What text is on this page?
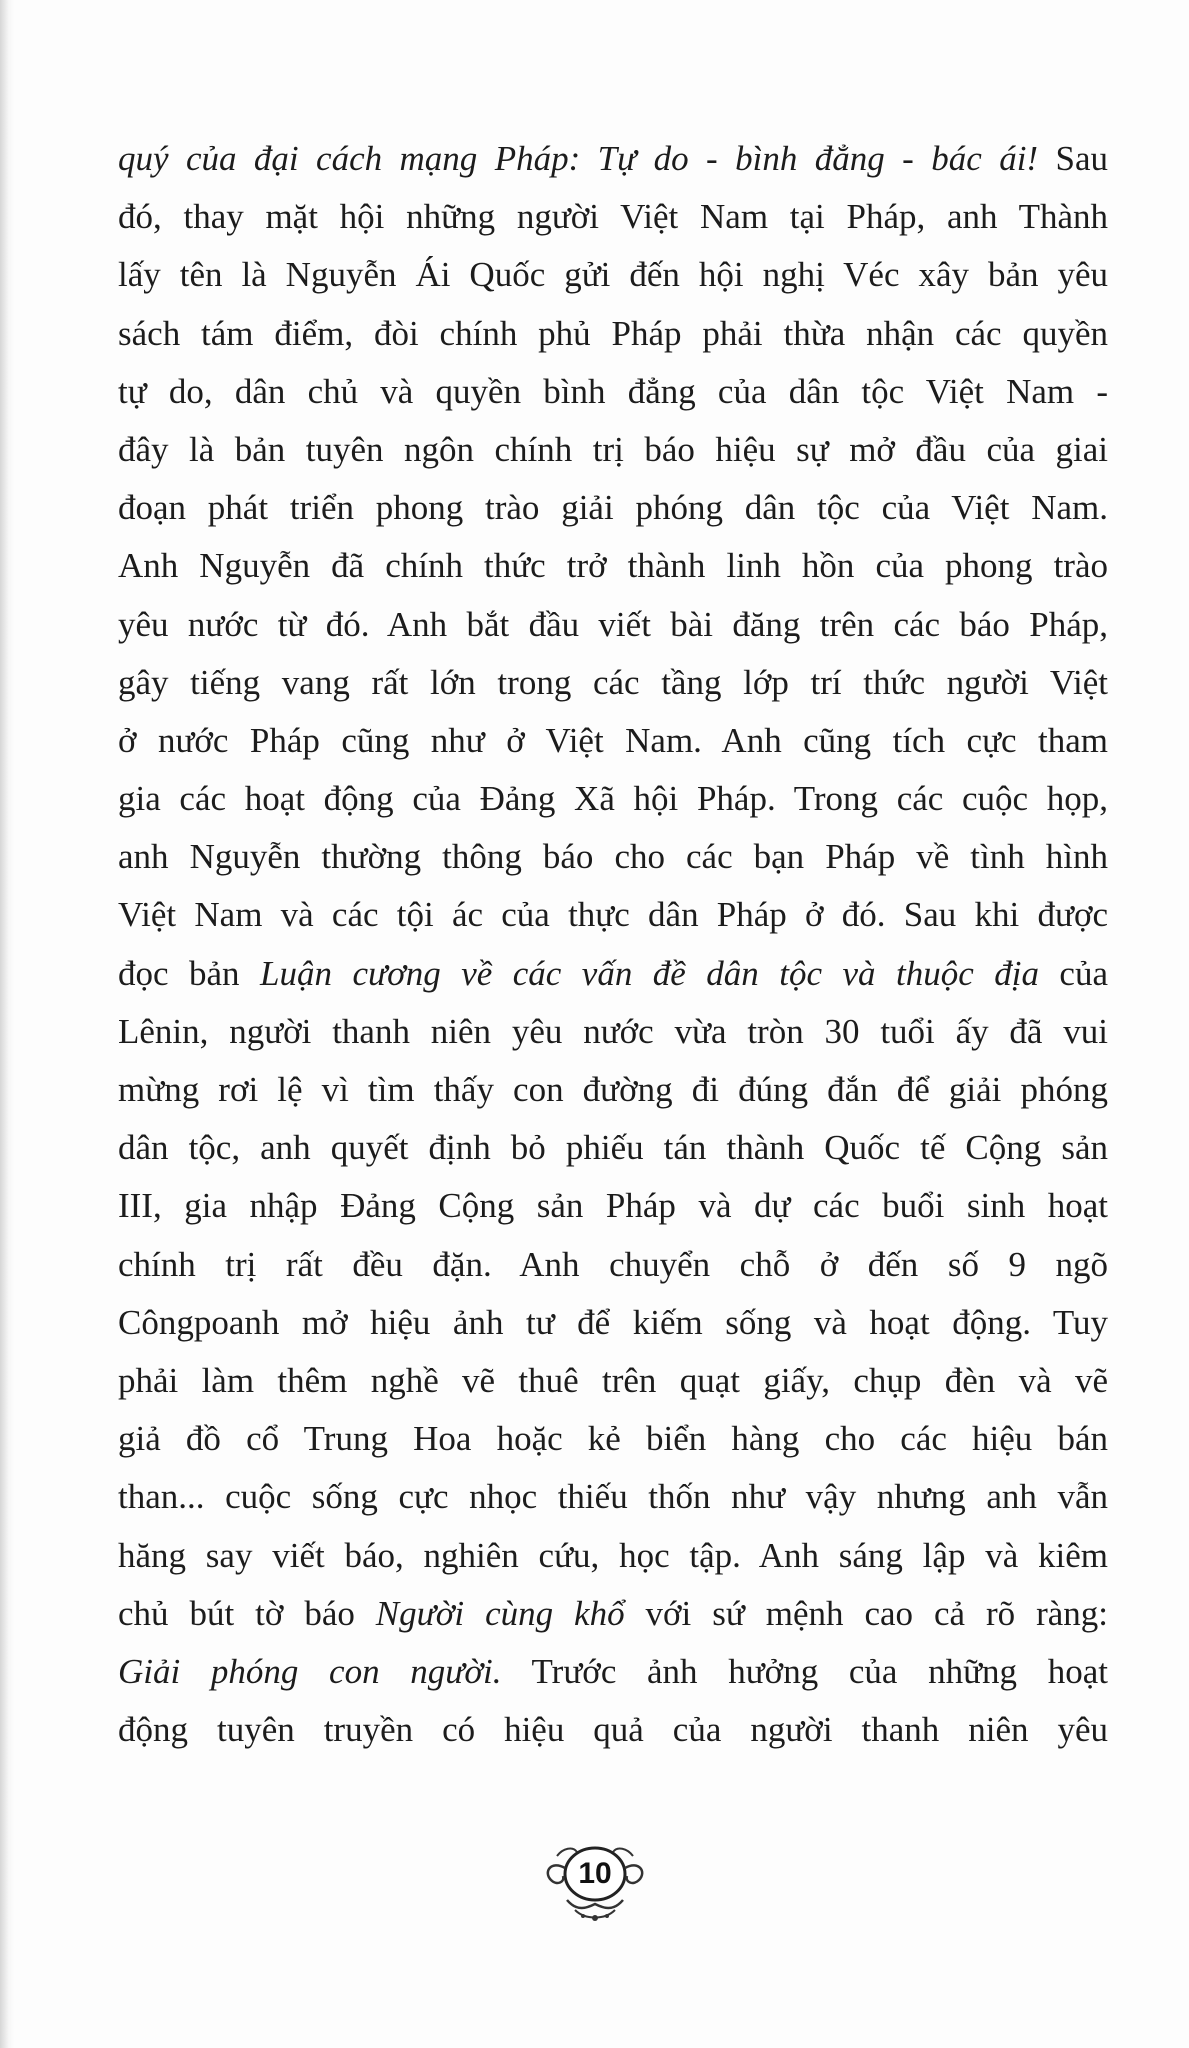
quý của đại cách mạng Pháp: Tự do - bình đẳng - bác ái! Sau
đó, thay mặt hội những người Việt Nam tại Pháp, anh Thành
lấy tên là Nguyễn Ái Quốc gửi đến hội nghị Véc xây bản yêu
sách tám điểm, đòi chính phủ Pháp phải thừa nhận các quyền
tự do, dân chủ và quyền bình đẳng của dân tộc Việt Nam -
đây là bản tuyên ngôn chính trị báo hiệu sự mở đầu của giai
đoạn phát triển phong trào giải phóng dân tộc của Việt Nam.
Anh Nguyễn đã chính thức trở thành linh hồn của phong trào
yêu nước từ đó. Anh bắt đầu viết bài đăng trên các báo Pháp,
gây tiếng vang rất lớn trong các tầng lớp trí thức người Việt
ở nước Pháp cũng như ở Việt Nam. Anh cũng tích cực tham
gia các hoạt động của Đảng Xã hội Pháp. Trong các cuộc họp,
anh Nguyễn thường thông báo cho các bạn Pháp về tình hình
Việt Nam và các tội ác của thực dân Pháp ở đó. Sau khi được
đọc bản Luận cương về các vấn đề dân tộc và thuộc địa của
Lênin, người thanh niên yêu nước vừa tròn 30 tuổi ấy đã vui
mừng rơi lệ vì tìm thấy con đường đi đúng đắn để giải phóng
dân tộc, anh quyết định bỏ phiếu tán thành Quốc tế Cộng sản
III, gia nhập Đảng Cộng sản Pháp và dự các buổi sinh hoạt
chính trị rất đều đặn. Anh chuyển chỗ ở đến số 9 ngõ
Côngpoanh mở hiệu ảnh tư để kiếm sống và hoạt động. Tuy
phải làm thêm nghề vẽ thuê trên quạt giấy, chụp đèn và vẽ
giả đồ cổ Trung Hoa hoặc kẻ biển hàng cho các hiệu bán
than... cuộc sống cực nhọc thiếu thốn như vậy nhưng anh vẫn
hăng say viết báo, nghiên cứu, học tập. Anh sáng lập và kiêm
chủ bút tờ báo Người cùng khổ với sứ mệnh cao cả rõ ràng:
Giải phóng con người. Trước ảnh hưởng của những hoạt
động tuyên truyền có hiệu quả của người thanh niên yêu
10
